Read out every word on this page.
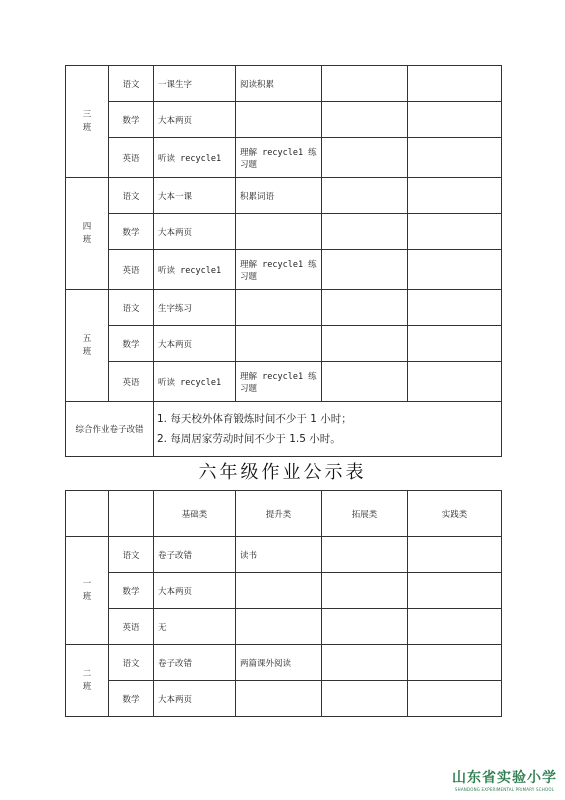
三
班	语文	一课生字	阅读积累		
	数学	大本两页			
	英语	听读 recycle1	理解 recycle1 练习题		

四
班	语文	大本一课	积累词语		
	数学	大本两页			
	英语	听读 recycle1	理解 recycle1 练习题		

五
班	语文	生字练习			
	数学	大本两页			
	英语	听读 recycle1	理解 recycle1 练习题		
综合作业卷子改错		1. 每天校外体育锻炼时间不少于 1 小时；
2. 每周居家劳动时间不少于 1.5 小时。			
六年级作业公示表
		基础类	提升类	拓展类	实践类

一
班	语文	卷子改错	读书		
	数学	大本两页			
	英语	无			

二
班	语文	卷子改错	两篇课外阅读		
	数学	大本两页			
山东省实验小学
SHANDONG EXPERIMENTAL PRIMARY SCHOOL
